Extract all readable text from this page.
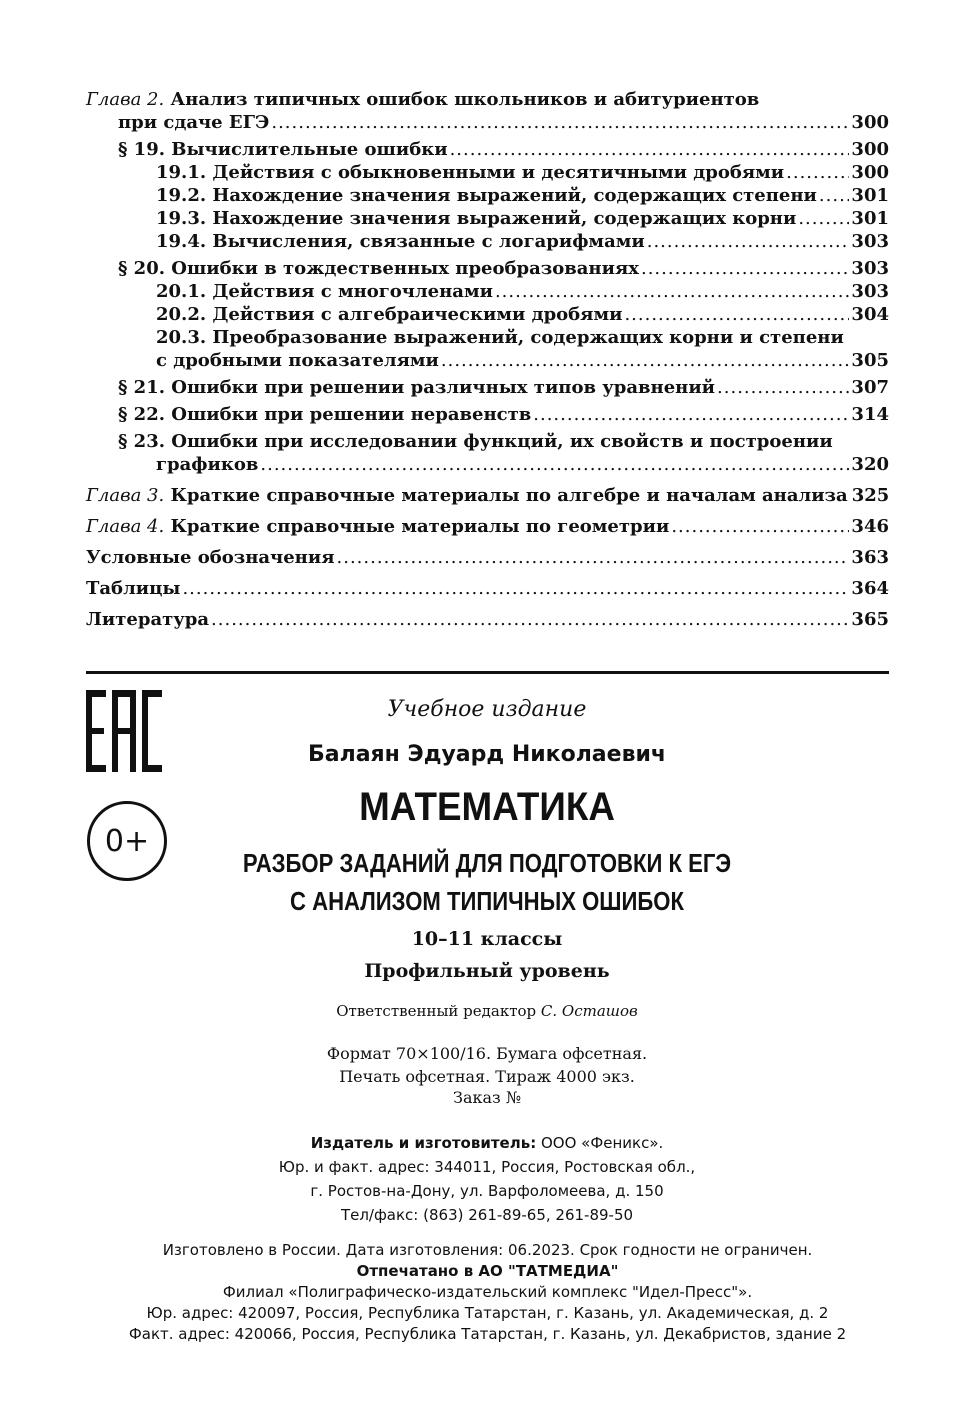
Глава 2. Анализ типичных ошибок школьников и абитуриентов
при сдаче ЕГЭ .....	300
§ 19. Вычислительные ошибки .....	300
19.1. Действия с обыкновенными и десятичными дробями .....	300
19.2. Нахождение значения выражений, содержащих степени ..... 301
19.3. Нахождение значения выражений, содержащих корни .....	301
19.4. Вычисления, связанные с логарифмами .....	303
§ 20. Ошибки в тождественных преобразованиях .....	303
20.1. Действия с многочленами .....	303
20.2. Действия с алгебраическими дробями .....	304
20.3. Преобразование выражений, содержащих корни и степени
с дробными показателями .....	305
§ 21. Ошибки при решении различных типов уравнений .....	307
§ 22. Ошибки при решении неравенств .....	314
§ 23. Ошибки при исследовании функций, их свойств и построении
графиков .....	320
Глава 3. Краткие справочные материалы по алгебре и началам анализа 325
Глава 4. Краткие справочные материалы по геометрии .....	346
Условные обозначения .....	363
Таблицы .....	364
Литература .....	365
0+
Учебное издание
Балаян Эдуард Николаевич
МАТЕМАТИКА
РАЗБОР ЗАДАНИЙ ДЛЯ ПОДГОТОВКИ К ЕГЭ
С АНАЛИЗОМ ТИПИЧНЫХ ОШИБОК
10–11 классы
Профильный уровень
Ответственный редактор С. Осташов
Формат 70×100/16. Бумага офсетная.
Печать офсетная. Тираж 4000 экз.
Заказ №
Издатель и изготовитель: ООО «Феникс».
Юр. и факт. адрес: 344011, Россия, Ростовская обл.,
г. Ростов-на-Дону, ул. Варфоломеева, д. 150
Тел/факс: (863) 261-89-65, 261-89-50
Изготовлено в России. Дата изготовления: 06.2023. Срок годности не ограничен.
Отпечатано в АО "ТАТМЕДИА"
Филиал «Полиграфическо-издательский комплекс "Идел-Пресс"».
Юр. адрес: 420097, Россия, Республика Татарстан, г. Казань, ул. Академическая, д. 2
Факт. адрес: 420066, Россия, Республика Татарстан, г. Казань, ул. Декабристов, здание 2
